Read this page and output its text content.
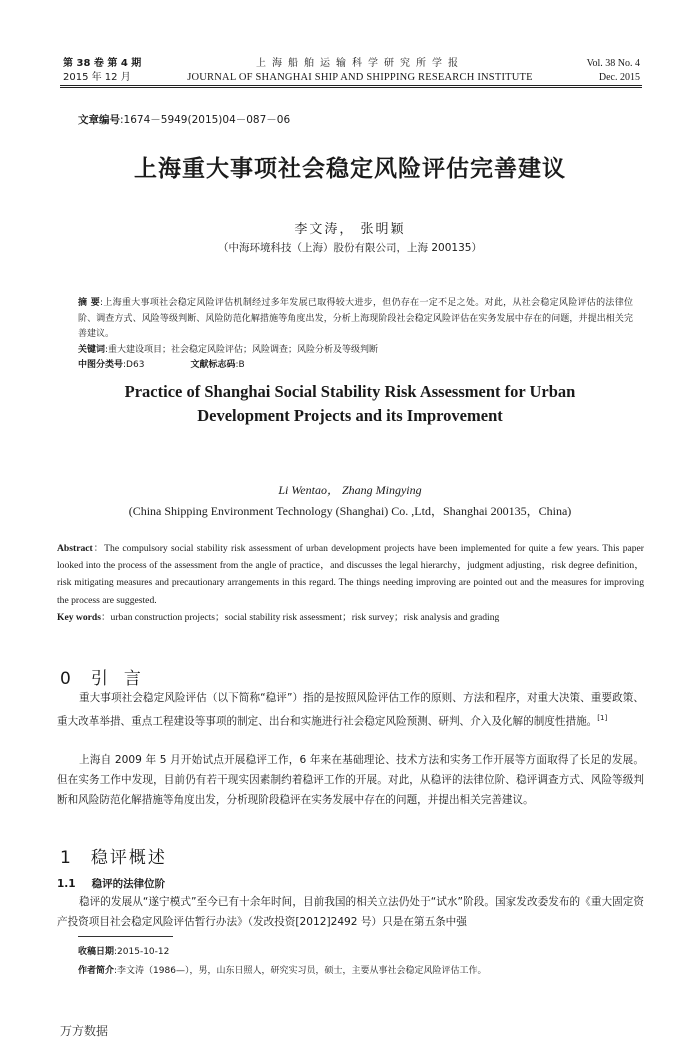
第 38 卷 第 4 期
2015 年 12 月
上海船舶运输科学研究所学报
JOURNAL OF SHANGHAI SHIP AND SHIPPING RESEARCH INSTITUTE
Vol. 38 No. 4
Dec. 2015
文章编号:1674－5949(2015)04－087－06
上海重大事项社会稳定风险评估完善建议
李文涛， 张明颖
（中海环境科技（上海）股份有限公司，上海 200135）
摘 要:上海重大事项社会稳定风险评估机制经过多年发展已取得较大进步，但仍存在一定不足之处。对此，从社会稳定风险评估的法律位阶、调查方式、风险等级判断、风险防范化解措施等角度出发，分析上海现阶段社会稳定风险评估在实务发展中存在的问题，并提出相关完善建议。
关键词:重大建设项目；社会稳定风险评估；风险调查；风险分析及等级判断
中图分类号:D63	文献标志码:B
Practice of Shanghai Social Stability Risk Assessment for Urban Development Projects and its Improvement
Li Wentao， Zhang Mingying
(China Shipping Environment Technology (Shanghai) Co. ,Ltd，Shanghai 200135，China)
Abstract：The compulsory social stability risk assessment of urban development projects have been implemented for quite a few years. This paper looked into the process of the assessment from the angle of practice，and discusses the legal hierarchy，judgment adjusting，risk degree definition，risk mitigating measures and precautionary arrangements in this regard. The things needing improving are pointed out and the measures for improving the process are suggested.
Key words：urban construction projects；social stability risk assessment；risk survey；risk analysis and grading
0 引言
重大事项社会稳定风险评估（以下简称“稳评”）指的是按照风险评估工作的原则、方法和程序，对重大决策、重要政策、重大改革举措、重点工程建设等事项的制定、出台和实施进行社会稳定风险预测、研判、介入及化解的制度性措施。[1]
上海自 2009 年 5 月开始试点开展稳评工作，6 年来在基础理论、技术方法和实务工作开展等方面取得了长足的发展。但在实务工作中发现，目前仍有若干现实因素制约着稳评工作的开展。对此，从稳评的法律位阶、稳评调查方式、风险等级判断和风险防范化解措施等角度出发，分析现阶段稳评在实务发展中存在的问题，并提出相关完善建议。
1 稳评概述
1.1 稳评的法律位阶
稳评的发展从“遂宁模式”至今已有十余年时间，目前我国的相关立法仍处于“试水”阶段。国家发改委发布的《重大固定资产投资项目社会稳定风险评估暂行办法》（发改投资[2012]2492 号）只是在第五条中强
收稿日期:2015-10-12
作者简介:李文涛（1986—），男，山东日照人，研究实习员，硕士，主要从事社会稳定风险评估工作。
万方数据
